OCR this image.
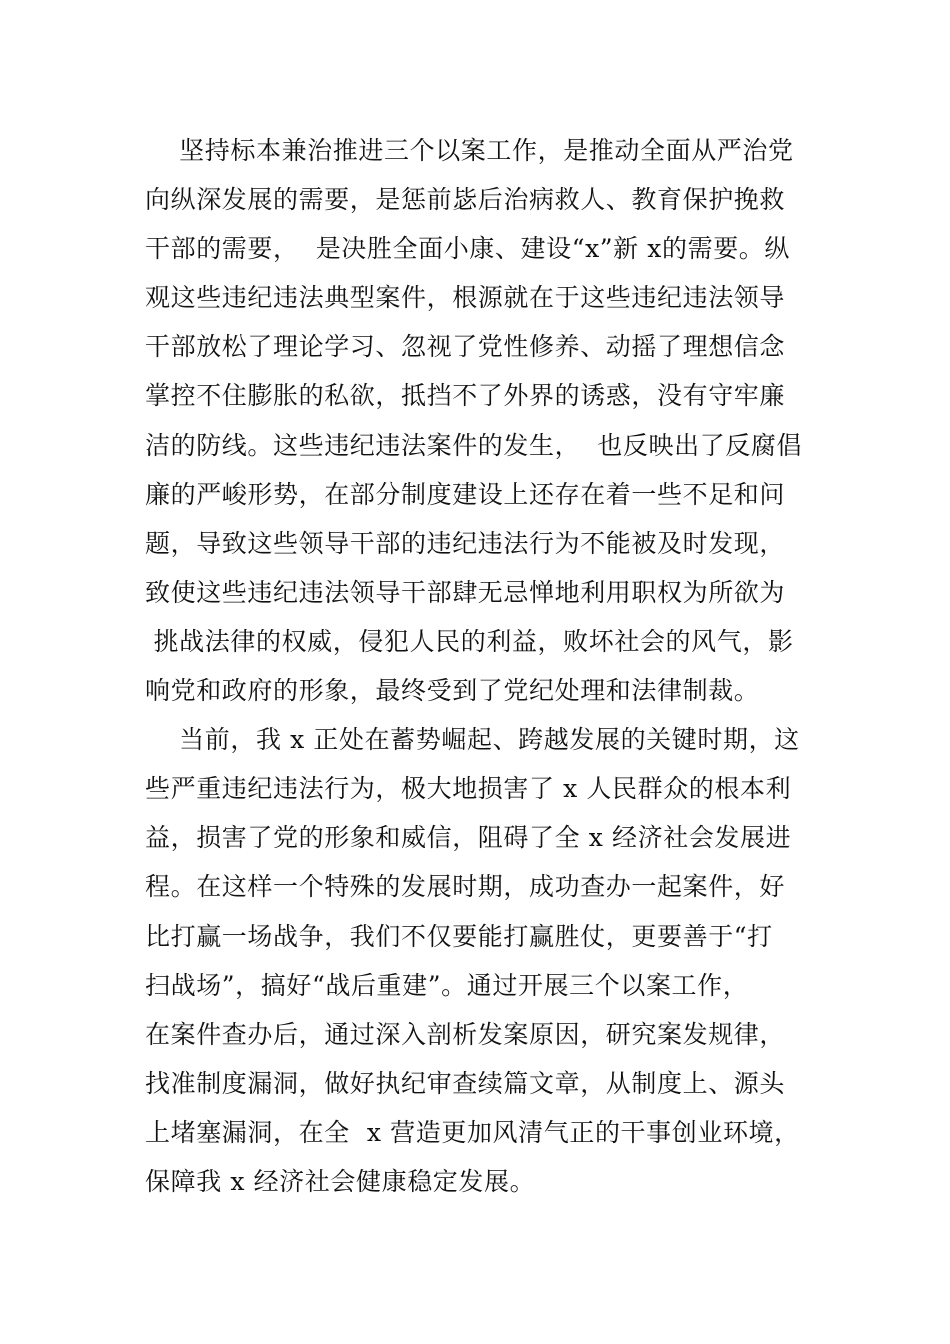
坚持标本兼治推进三个以案工作，是推动全面从严治党
向纵深发展的需要，是惩前毖后治病救人、教育保护挽救
干部的需要，  是决胜全面小康、建设“x”新 x的需要。纵
观这些违纪违法典型案件，根源就在于这些违纪违法领导
干部放松了理论学习、忽视了党性修养、动摇了理想信念
掌控不住膨胀的私欲，抵挡不了外界的诱惑，没有守牢廉
洁的防线。这些违纪违法案件的发生，  也反映出了反腐倡
廉的严峻形势，在部分制度建设上还存在着一些不足和问
题，导致这些领导干部的违纪违法行为不能被及时发现，
致使这些违纪违法领导干部肆无忌惮地利用职权为所欲为
挑战法律的权威，侵犯人民的利益，败坏社会的风气，影
响党和政府的形象，最终受到了党纪处理和法律制裁。
当前，我 x 正处在蓄势崛起、跨越发展的关键时期，这
些严重违纪违法行为，极大地损害了 x 人民群众的根本利
益，损害了党的形象和威信，阻碍了全 x 经济社会发展进
程。在这样一个特殊的发展时期，成功查办一起案件，好
比打赢一场战争，我们不仅要能打赢胜仗，更要善于“打
扫战场”，搞好“战后重建”。通过开展三个以案工作，
在案件查办后，通过深入剖析发案原因，研究案发规律，
找准制度漏洞，做好执纪审查续篇文章，从制度上、源头
上堵塞漏洞，在全  x 营造更加风清气正的干事创业环境，
保障我 x 经济社会健康稳定发展。
